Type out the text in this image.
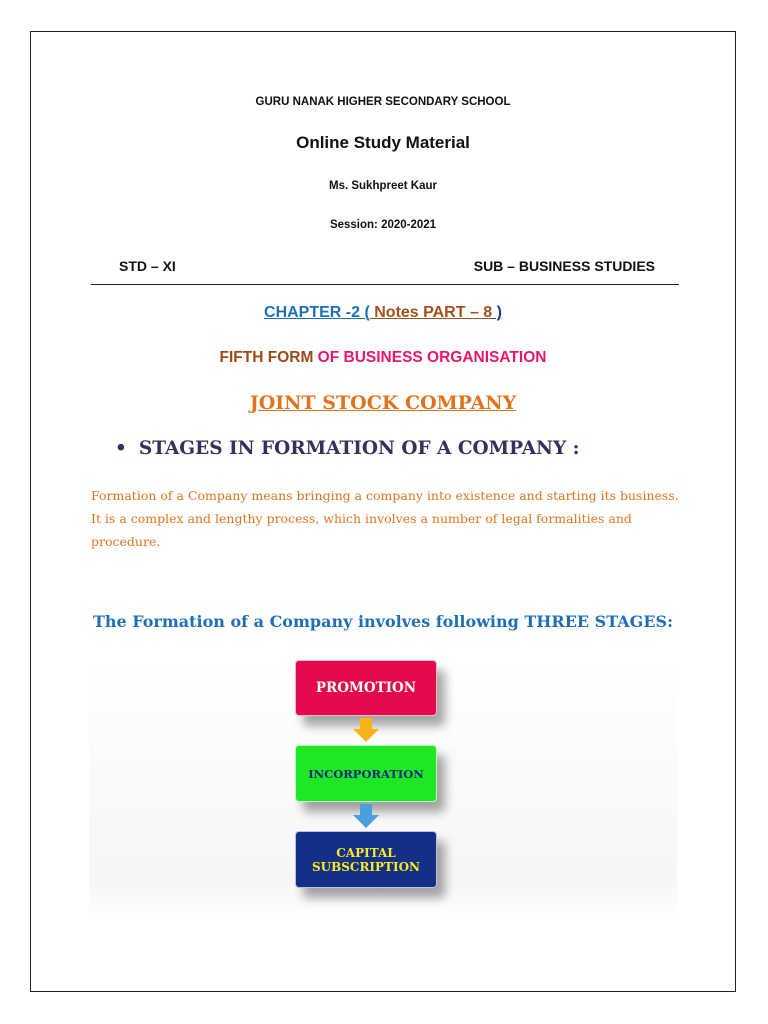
GURU NANAK HIGHER SECONDARY SCHOOL
Online Study Material
Ms. Sukhpreet Kaur
Session: 2020-2021
STD – XI	SUB – BUSINESS STUDIES
CHAPTER -2 ( Notes PART – 8 )
FIFTH FORM OF BUSINESS ORGANISATION
JOINT STOCK COMPANY
• STAGES IN FORMATION OF A COMPANY :
Formation of a Company means bringing a company into existence and starting its business. It is a complex and lengthy process, which involves a number of legal formalities and procedure.
The Formation of a Company involves following THREE STAGES:
PROMOTION
INCORPORATION
CAPITAL
SUBSCRIPTION
